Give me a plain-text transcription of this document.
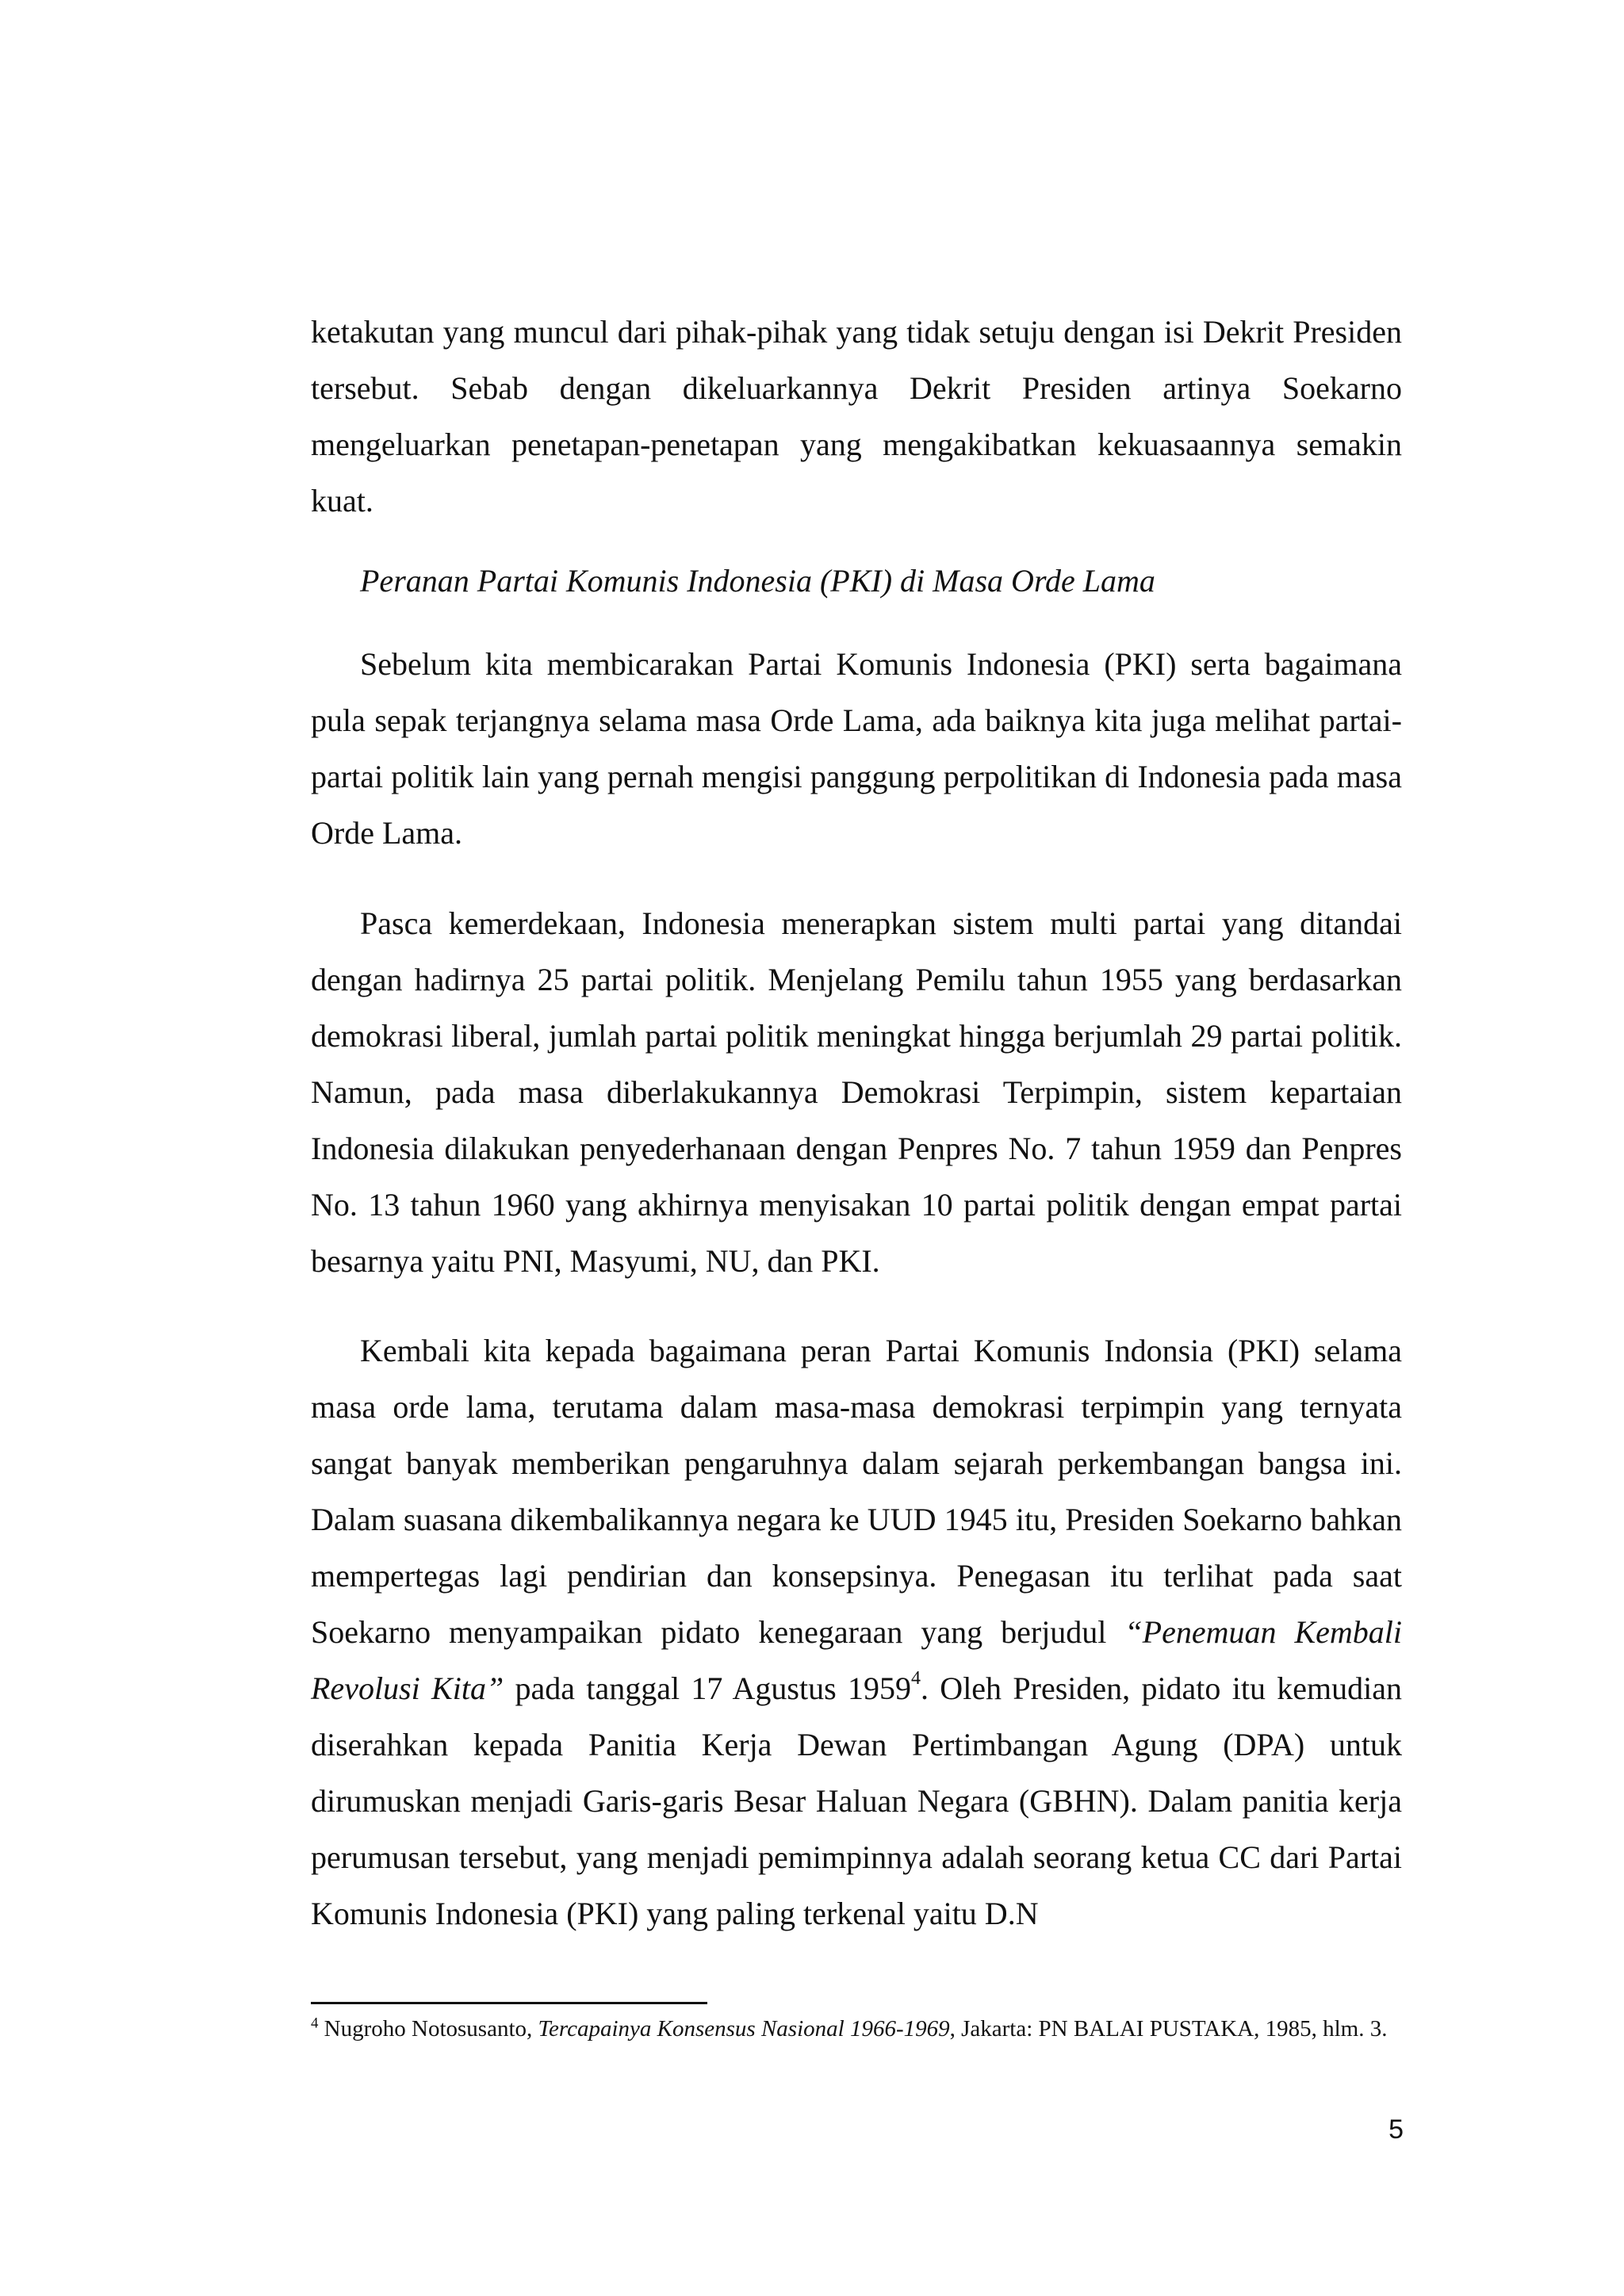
ketakutan yang muncul dari pihak-pihak yang tidak setuju dengan isi Dekrit Presiden tersebut. Sebab dengan dikeluarkannya Dekrit Presiden artinya Soekarno mengeluarkan penetapan-penetapan yang mengakibatkan kekuasaannya semakin kuat.

Peranan Partai Komunis Indonesia (PKI) di Masa Orde Lama

Sebelum kita membicarakan Partai Komunis Indonesia (PKI) serta bagaimana pula sepak terjangnya selama masa Orde Lama, ada baiknya kita juga melihat partai-partai politik lain yang pernah mengisi panggung perpolitikan di Indonesia pada masa Orde Lama.

Pasca kemerdekaan, Indonesia menerapkan sistem multi partai yang ditandai dengan hadirnya 25 partai politik. Menjelang Pemilu tahun 1955 yang berdasarkan demokrasi liberal, jumlah partai politik meningkat hingga berjumlah 29 partai politik. Namun, pada masa diberlakukannya Demokrasi Terpimpin, sistem kepartaian Indonesia dilakukan penyederhanaan dengan Penpres No. 7 tahun 1959 dan Penpres No. 13 tahun 1960 yang akhirnya menyisakan 10 partai politik dengan empat partai besarnya yaitu PNI, Masyumi, NU, dan PKI.

Kembali kita kepada bagaimana peran Partai Komunis Indonsia (PKI) selama masa orde lama, terutama dalam masa-masa demokrasi terpimpin yang ternyata sangat banyak memberikan pengaruhnya dalam sejarah perkembangan bangsa ini. Dalam suasana dikembalikannya negara ke UUD 1945 itu, Presiden Soekarno bahkan mempertegas lagi pendirian dan konsepsinya. Penegasan itu terlihat pada saat Soekarno menyampaikan pidato kenegaraan yang berjudul “Penemuan Kembali Revolusi Kita” pada tanggal 17 Agustus 1959$^4$. Oleh Presiden, pidato itu kemudian diserahkan kepada Panitia Kerja Dewan Pertimbangan Agung (DPA) untuk dirumuskan menjadi Garis-garis Besar Haluan Negara (GBHN). Dalam panitia kerja perumusan tersebut, yang menjadi pemimpinnya adalah seorang ketua CC dari Partai Komunis Indonesia (PKI) yang paling terkenal yaitu D.N

$^4$ Nugroho Notosusanto, Tercapainya Konsensus Nasional 1966-1969, Jakarta: PN BALAI PUSTAKA, 1985, hlm. 3.

5
